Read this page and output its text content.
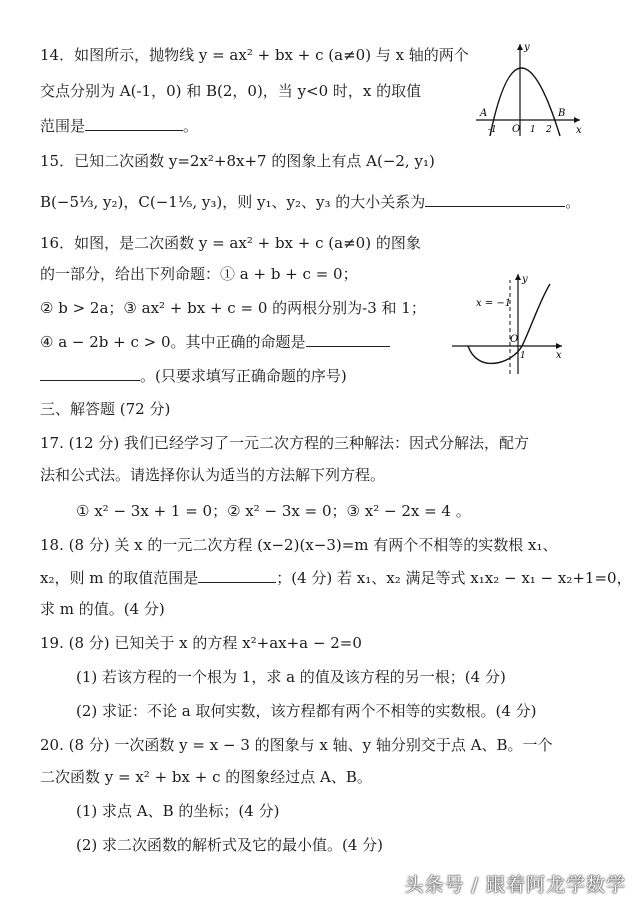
14．如图所示，抛物线 y = ax² + bx + c (a≠0) 与 x 轴的两个
交点分别为 A(-1，0) 和 B(2，0)，当 y<0 时，x 的取值
范围是	。
y
x
A	B
O
-1	1 2
15．已知二次函数 y=2x²+8x+7 的图象上有点 A(−2, y₁)
B(−5⅓, y₂)，C(−1⅕, y₃)，则 y₁、y₂、y₃ 的大小关系为	。
16．如图，是二次函数 y = ax² + bx + c (a≠0) 的图象
的一部分，给出下列命题：① a + b + c = 0；
② b > 2a；③ ax² + bx + c = 0 的两根分别为-3 和 1；
④ a − 2b + c > 0。其中正确的命题是
。(只要求填写正确命题的序号)
x = −1
y
x
O
1
三、解答题 (72 分)
17. (12 分) 我们已经学习了一元二次方程的三种解法：因式分解法，配方
法和公式法。请选择你认为适当的方法解下列方程。
① x² − 3x + 1 = 0；② x² − 3x = 0；③ x² − 2x = 4 。
18. (8 分) 关 x 的一元二次方程 (x−2)(x−3)=m 有两个不相等的实数根 x₁、
x₂，则 m 的取值范围是	；(4 分) 若 x₁、x₂ 满足等式 x₁x₂ − x₁ − x₂+1=0，
求 m 的值。(4 分)
19. (8 分) 已知关于 x 的方程 x²+ax+a − 2=0
(1) 若该方程的一个根为 1，求 a 的值及该方程的另一根；(4 分)
(2) 求证：不论 a 取何实数，该方程都有两个不相等的实数根。(4 分)
20. (8 分) 一次函数 y = x − 3 的图象与 x 轴、y 轴分别交于点 A、B。一个
二次函数 y = x² + bx + c 的图象经过点 A、B。
(1) 求点 A、B 的坐标；(4 分)
(2) 求二次函数的解析式及它的最小值。(4 分)
头条号 / 跟着阿龙学数学
